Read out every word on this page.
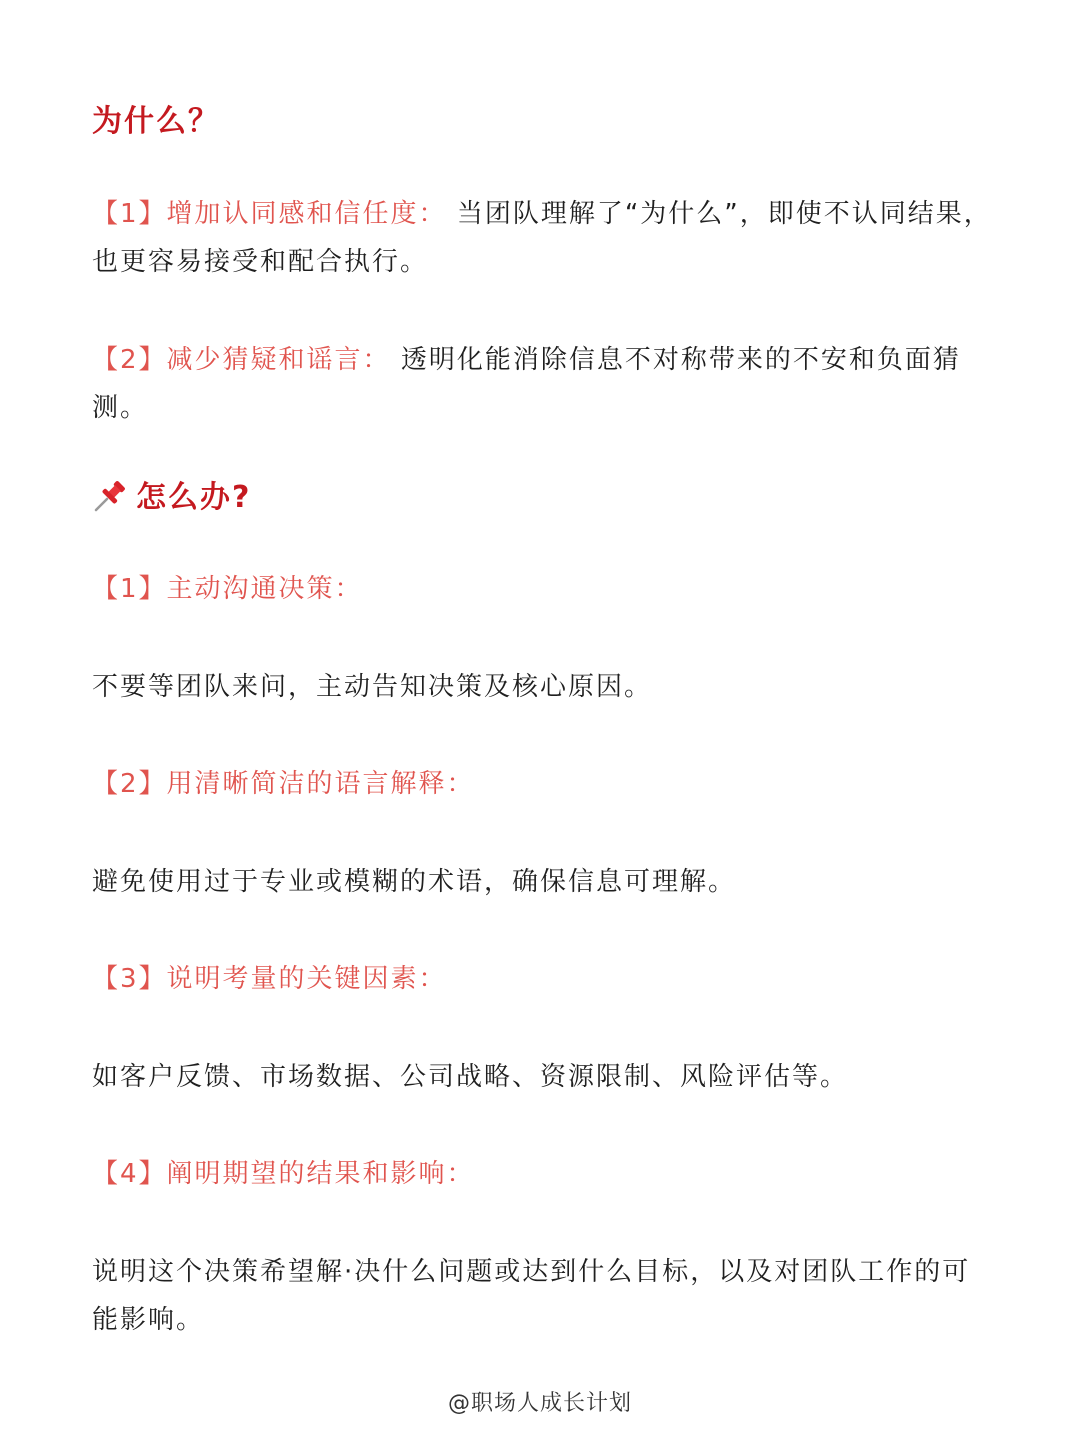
为什么？
【1】增加认同感和信任度： 当团队理解了“为什么”，即使不认同结果，也更容易接受和配合执行。
【2】减少猜疑和谣言： 透明化能消除信息不对称带来的不安和负面猜测。
怎么办?
【1】主动沟通决策：
不要等团队来问，主动告知决策及核心原因。
【2】用清晰简洁的语言解释：
避免使用过于专业或模糊的术语，确保信息可理解。
【3】说明考量的关键因素：
如客户反馈、市场数据、公司战略、资源限制、风险评估等。
【4】阐明期望的结果和影响：
说明这个决策希望解·决什么问题或达到什么目标，以及对团队工作的可能影响。
@职场人成长计划
